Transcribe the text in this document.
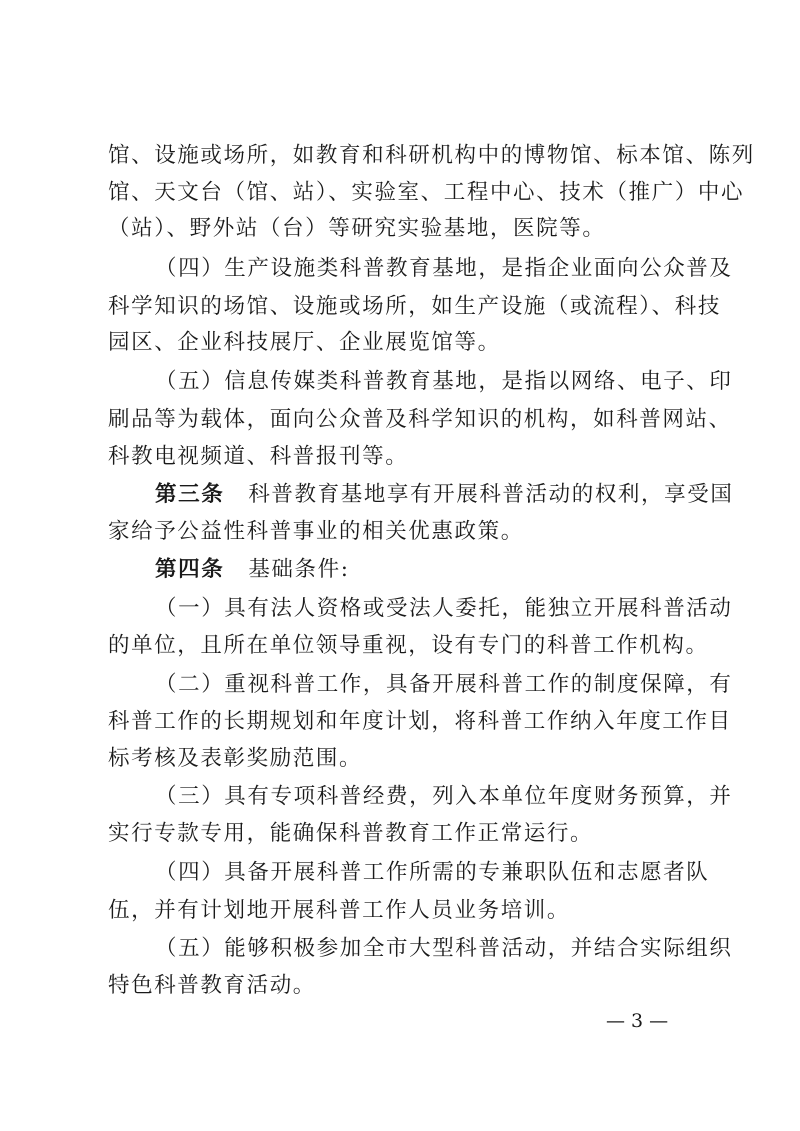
馆、设施或场所，如教育和科研机构中的博物馆、标本馆、陈列
馆、天文台（馆、站）、实验室、工程中心、技术（推广）中心
（站）、野外站（台）等研究实验基地，医院等。
（四）生产设施类科普教育基地，是指企业面向公众普及
科学知识的场馆、设施或场所，如生产设施（或流程）、科技
园区、企业科技展厅、企业展览馆等。
（五）信息传媒类科普教育基地，是指以网络、电子、印
刷品等为载体，面向公众普及科学知识的机构，如科普网站、
科教电视频道、科普报刊等。
第三条 科普教育基地享有开展科普活动的权利，享受国
家给予公益性科普事业的相关优惠政策。
第四条 基础条件:
（一）具有法人资格或受法人委托，能独立开展科普活动
的单位，且所在单位领导重视，设有专门的科普工作机构。
（二）重视科普工作，具备开展科普工作的制度保障，有
科普工作的长期规划和年度计划，将科普工作纳入年度工作目
标考核及表彰奖励范围。
（三）具有专项科普经费，列入本单位年度财务预算，并
实行专款专用，能确保科普教育工作正常运行。
（四）具备开展科普工作所需的专兼职队伍和志愿者队
伍，并有计划地开展科普工作人员业务培训。
（五）能够积极参加全市大型科普活动，并结合实际组织
特色科普教育活动。
— 3 —
